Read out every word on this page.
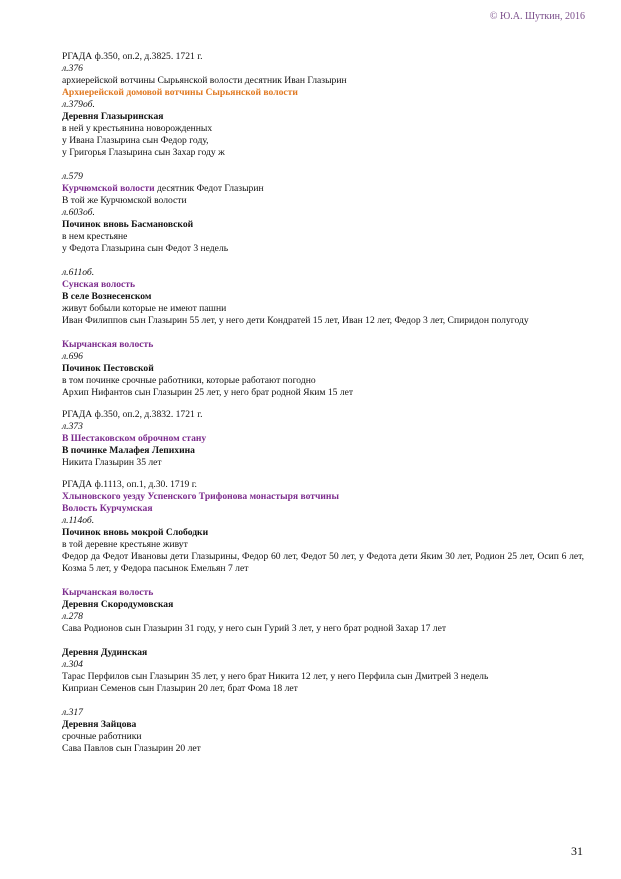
© Ю.А. Шуткин, 2016

РГАДА ф.350, оп.2, д.3825. 1721 г.

л.376

архиерейской вотчины Сырьянской волости десятник Иван Глазырин

Архиерейской домовой вотчины Сырьянской волости

л.379об.

Деревня Глазыринская

в ней у крестьянина новорожденных

у Ивана Глазырина сын Федор году,

у Григорья Глазырина сын Захар году ж

л.579

Курчюмской волости десятник Федот Глазырин

В той же Курчюмской волости

л.603об.

Починок вновь Басмановской

в нем крестьяне

у Федота Глазырина сын Федот 3 недель

л.611об.

Сунская волость

В селе Вознесенском

живут бобыли которые не имеют пашни

Иван Филиппов сын Глазырин 55 лет, у него дети Кондратей 15 лет, Иван 12 лет, Федор 3 лет, Спиридон полугоду

Кырчанская волость

л.696

Починок Пестовской

в том починке срочные работники, которые работают погодно

Архип Нифантов сын Глазырин 25 лет, у него брат родной Яким 15 лет

РГАДА ф.350, оп.2, д.3832. 1721 г.

л.373

В Шестаковском оброчном стану

В починке Малафея Лепихина

Никита Глазырин 35 лет

РГАДА ф.1113, оп.1, д.30. 1719 г.

Хлыновского уезду Успенского Трифонова монастыря вотчины

Волость Курчумская

л.114об.

Починок вновь мокрой Слободки

в той деревне крестьяне живут

Федор да Федот Ивановы дети Глазырины, Федор 60 лет, Федот 50 лет, у Федота дети Яким 30 лет, Родион 25 лет, Осип 6 лет, Козма 5 лет, у Федора пасынок Емельян 7 лет

Кырчанская волость

Деревня Скородумовская

л.278

Сава Родионов сын Глазырин 31 году, у него сын Гурий 3 лет, у него брат родной Захар 17 лет

Деревня Дудинская

л.304

Тарас Перфилов сын Глазырин 35 лет, у него брат Никита 12 лет, у него Перфила сын Дмитрей 3 недель

Киприан Семенов сын Глазырин 20 лет, брат Фома 18 лет

л.317

Деревня Зайцова

срочные работники

Сава Павлов сын Глазырин 20 лет

31
